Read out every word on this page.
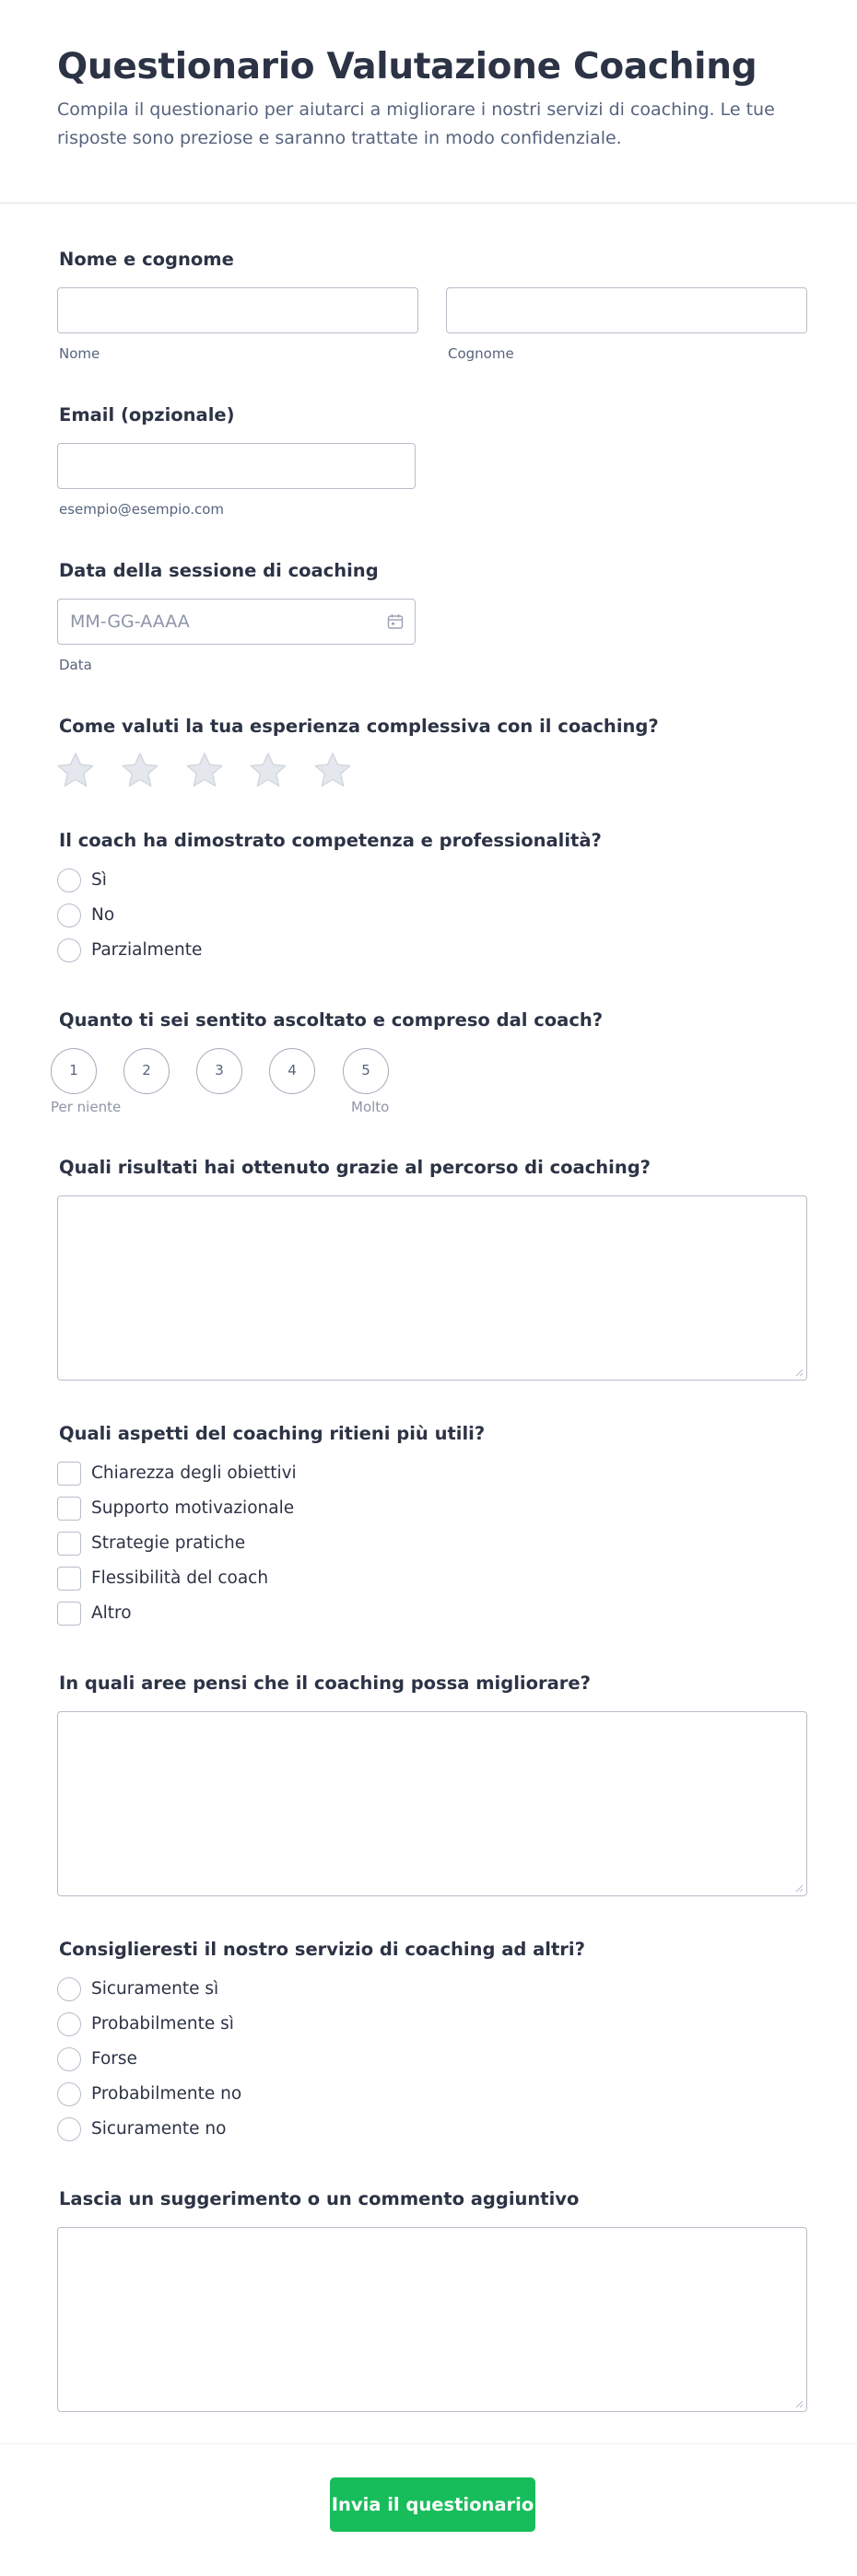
Questionario Valutazione Coaching
Compila il questionario per aiutarci a migliorare i nostri servizi di coaching. Le tue risposte sono preziose e saranno trattate in modo confidenziale.
Nome e cognome
Nome	Cognome
Email (opzionale)
esempio@esempio.com
Data della sessione di coaching
MM-GG-AAAA
Data
Come valuti la tua esperienza complessiva con il coaching?
Il coach ha dimostrato competenza e professionalità?
Sì
No
Parzialmente
Quanto ti sei sentito ascoltato e compreso dal coach?
1	2	3	4	5
Per niente	Molto
Quali risultati hai ottenuto grazie al percorso di coaching?
Quali aspetti del coaching ritieni più utili?
Chiarezza degli obiettivi
Supporto motivazionale
Strategie pratiche
Flessibilità del coach
Altro
In quali aree pensi che il coaching possa migliorare?
Consiglieresti il nostro servizio di coaching ad altri?
Sicuramente sì
Probabilmente sì
Forse
Probabilmente no
Sicuramente no
Lascia un suggerimento o un commento aggiuntivo
Invia il questionario
